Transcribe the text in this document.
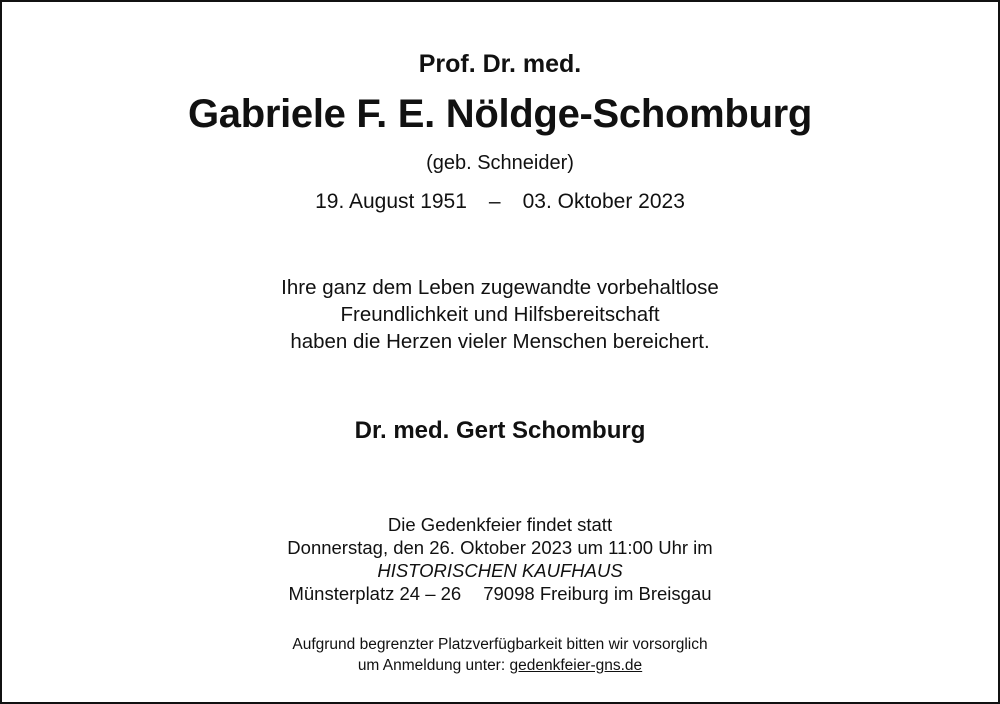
Prof. Dr. med.
Gabriele F. E. Nöldge-Schomburg
(geb. Schneider)
19. August 1951 – 03. Oktober 2023
Ihre ganz dem Leben zugewandte vorbehaltlose
Freundlichkeit und Hilfsbereitschaft
haben die Herzen vieler Menschen bereichert.
Dr. med. Gert Schomburg
Die Gedenkfeier findet statt
Donnerstag, den 26. Oktober 2023 um 11:00 Uhr im
HISTORISCHEN KAUFHAUS
Münsterplatz 24 – 26 79098 Freiburg im Breisgau
Aufgrund begrenzter Platzverfügbarkeit bitten wir vorsorglich
um Anmeldung unter: gedenkfeier-gns.de
